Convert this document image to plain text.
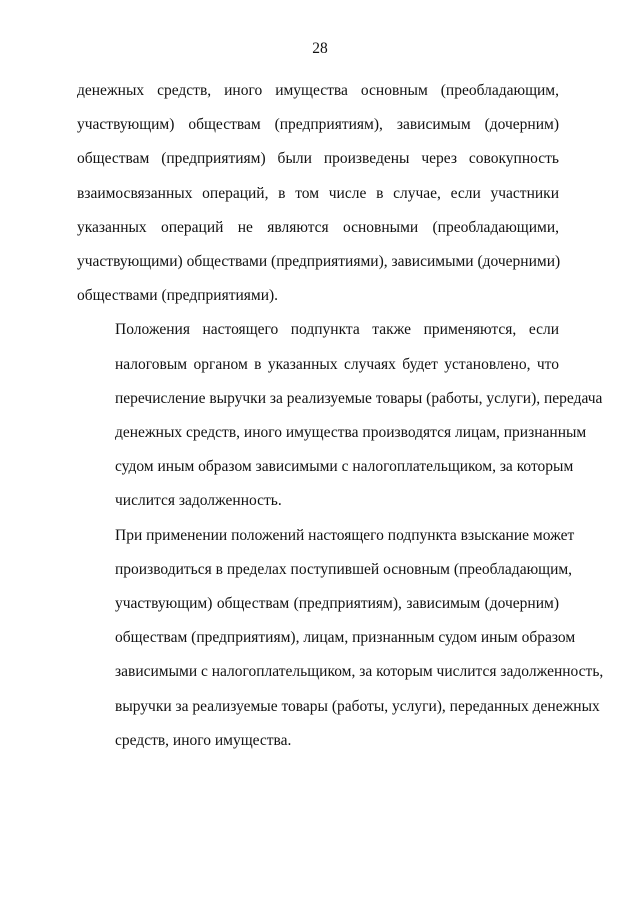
28

денежных средств, иного имущества основным (преобладающим,
участвующим) обществам (предприятиям), зависимым (дочерним)
обществам (предприятиям) были произведены через совокупность
взаимосвязанных операций, в том числе в случае, если участники
указанных операций не являются основными (преобладающими,
участвующими) обществами (предприятиями), зависимыми (дочерними)
обществами (предприятиями).

Положения настоящего подпункта также применяются, если
налоговым органом в указанных случаях будет установлено, что
перечисление выручки за реализуемые товары (работы, услуги), передача
денежных средств, иного имущества производятся лицам, признанным
судом иным образом зависимыми с налогоплательщиком, за которым
числится задолженность.

При применении положений настоящего подпункта взыскание может
производиться в пределах поступившей основным (преобладающим,
участвующим) обществам (предприятиям), зависимым (дочерним)
обществам (предприятиям), лицам, признанным судом иным образом
зависимыми с налогоплательщиком, за которым числится задолженность,
выручки за реализуемые товары (работы, услуги), переданных денежных
средств, иного имущества.
